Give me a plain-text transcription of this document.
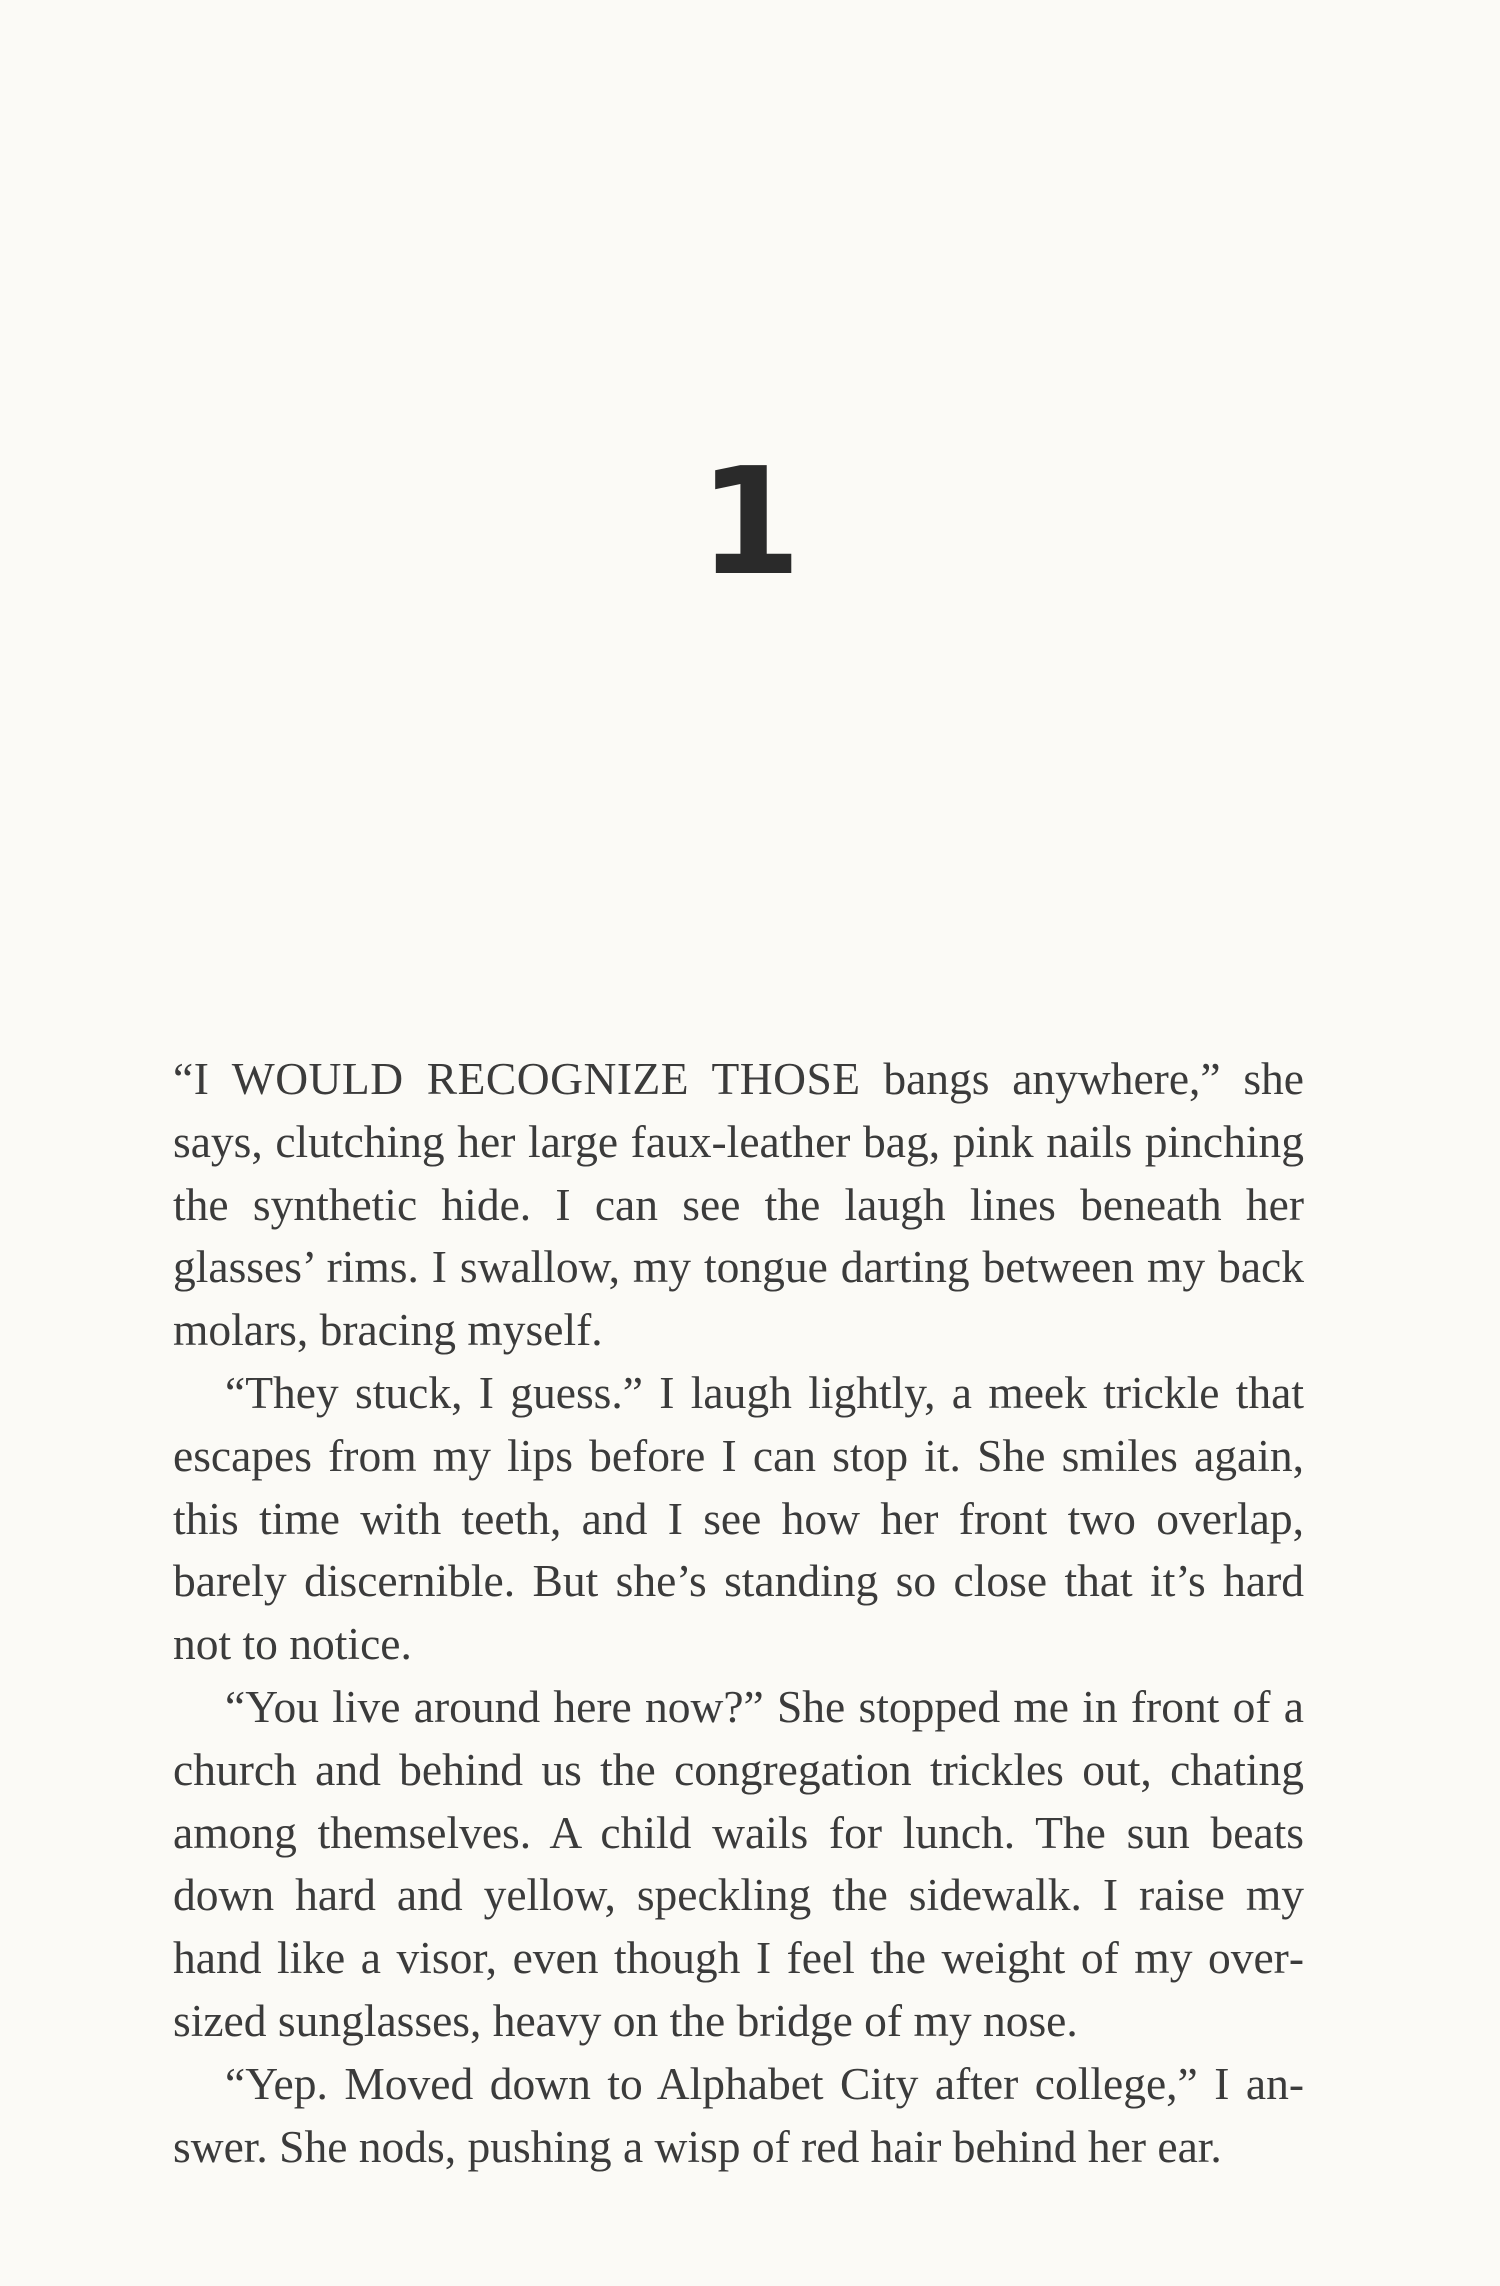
1

“I WOULD RECOGNIZE THOSE bangs anywhere,” she says, clutching her large faux-leather bag, pink nails pinching the synthetic hide. I can see the laugh lines beneath her glasses’ rims. I swallow, my tongue darting between my back molars, bracing myself.

“They stuck, I guess.” I laugh lightly, a meek trickle that escapes from my lips before I can stop it. She smiles again, this time with teeth, and I see how her front two overlap, barely discernible. But she’s standing so close that it’s hard not to notice.

“You live around here now?” She stopped me in front of a church and behind us the congregation trickles out, chating among themselves. A child wails for lunch. The sun beats down hard and yellow, speckling the sidewalk. I raise my hand like a visor, even though I feel the weight of my oversized sunglasses, heavy on the bridge of my nose.

“Yep. Moved down to Alphabet City after college,” I answer. She nods, pushing a wisp of red hair behind her ear.
